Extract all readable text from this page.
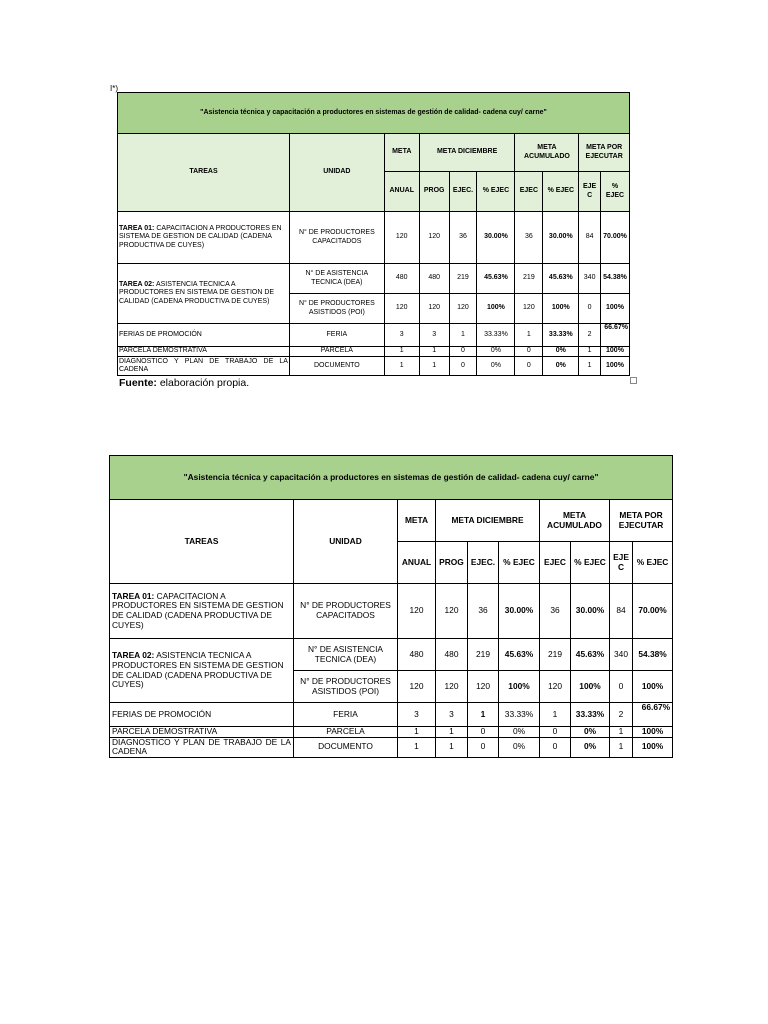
I*)
"Asistencia técnica y capacitación a productores en sistemas de gestión de calidad- cadena cuy/ carne"									
TAREAS	UNIDAD	META	META DICIEMBRE			META ACUMULADO		META POR EJECUTAR	
		ANUAL	PROG	EJEC.	% EJEC	EJEC	% EJEC	EJE C	% EJEC
TAREA 01: CAPACITACION A PRODUCTORES EN SISTEMA DE GESTION DE CALIDAD (CADENA PRODUCTIVA DE CUYES)	N° DE PRODUCTORES CAPACITADOS	120	120	36	30.00%	36	30.00%	84	70.00%
TAREA 02: ASISTENCIA TECNICA A PRODUCTORES EN SISTEMA DE GESTION DE CALIDAD (CADENA PRODUCTIVA DE CUYES)	N° DE ASISTENCIA TECNICA (DEA)	480	480	219	45.63%	219	45.63%	340	54.38%
	N° DE PRODUCTORES ASISTIDOS (POI)	120	120	120	100%	120	100%	0	100%
FERIAS DE PROMOCIÓN	FERIA	3	3	1	33.33%	1	33.33%	2	66.67%
PARCELA DEMOSTRATIVA	PARCELA	1	1	0	0%	0	0%	1	100%
DIAGNOSTICO Y PLAN DE TRABAJO DE LA CADENA	DOCUMENTO	1	1	0	0%	0	0%	1	100%
Fuente: elaboración propia.
"Asistencia técnica y capacitación a productores en sistemas de gestión de calidad- cadena cuy/ carne"									
TAREAS	UNIDAD	META	META DICIEMBRE			META ACUMULADO		META POR EJECUTAR	
		ANUAL	PROG	EJEC.	% EJEC	EJEC	% EJEC	EJE C	% EJEC
TAREA 01: CAPACITACION A PRODUCTORES EN SISTEMA DE GESTION DE CALIDAD (CADENA PRODUCTIVA DE CUYES)	N° DE PRODUCTORES CAPACITADOS	120	120	36	30.00%	36	30.00%	84	70.00%
TAREA 02: ASISTENCIA TECNICA A PRODUCTORES EN SISTEMA DE GESTION DE CALIDAD (CADENA PRODUCTIVA DE CUYES)	N° DE ASISTENCIA TECNICA (DEA)	480	480	219	45.63%	219	45.63%	340	54.38%
	N° DE PRODUCTORES ASISTIDOS (POI)	120	120	120	100%	120	100%	0	100%
FERIAS DE PROMOCIÓN	FERIA	3	3	1	33.33%	1	33.33%	2	66.67%
PARCELA DEMOSTRATIVA	PARCELA	1	1	0	0%	0	0%	1	100%
DIAGNOSTICO Y PLAN DE TRABAJO DE LA CADENA	DOCUMENTO	1	1	0	0%	0	0%	1	100%
